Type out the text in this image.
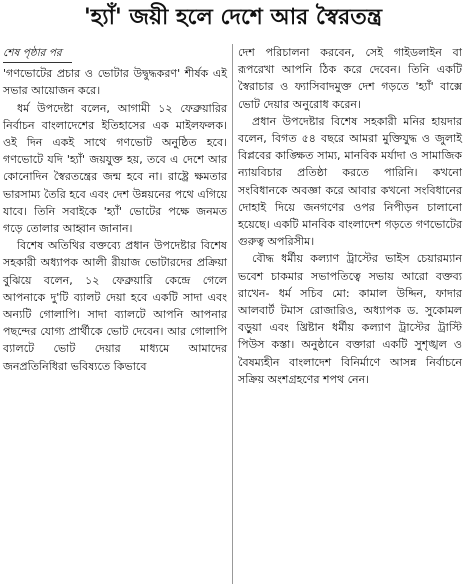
'হ্যাঁ' জয়ী হলে দেশে আর স্বৈরতন্ত্র
শেষ পৃষ্ঠার পর

'গণভোটের প্রচার ও ভোটার উদ্বুদ্ধকরণ' শীর্ষক এই সভার আয়োজন করে।

ধর্ম উপদেষ্টা বলেন, আগামী ১২ ফেব্রুয়ারির নির্বাচন বাংলাদেশের ইতিহাসের এক মাইলফলক। ওই দিন একই সাথে গণভোট অনুষ্ঠিত হবে। গণভোটে যদি 'হ্যাঁ' জয়যুক্ত হয়, তবে এ দেশে আর কোনোদিন স্বৈরতন্ত্রের জন্ম হবে না। রাষ্ট্রে ক্ষমতার ভারসাম্য তৈরি হবে এবং দেশ উন্নয়নের পথে এগিয়ে যাবে। তিনি সবাইকে 'হ্যাঁ' ভোটের পক্ষে জনমত গড়ে তোলার আহ্বান জানান।

বিশেষ অতিথির বক্তব্যে প্রধান উপদেষ্টার বিশেষ সহকারী অধ্যাপক আলী রীয়াজ ভোটারদের প্রক্রিয়া বুঝিয়ে বলেন, ১২ ফেব্রুয়ারি কেন্দ্রে গেলে আপনাকে দু'টি ব্যালট দেয়া হবে একটি সাদা এবং অন্যটি গোলাপি। সাদা ব্যালটে আপনি আপনার পছন্দের যোগ্য প্রার্থীকে ভোট দেবেন। আর গোলাপি ব্যালটে ভোট দেয়ার মাধ্যমে আমাদের জনপ্রতিনিধিরা ভবিষ্যতে কিভাবে

দেশ পরিচালনা করবেন, সেই গাইডলাইন বা রূপরেখা আপনি ঠিক করে দেবেন। তিনি একটি স্বৈরাচার ও ফ্যাসিবাদমুক্ত দেশ গড়তে 'হ্যাঁ' বাক্সে ভোট দেয়ার অনুরোধ করেন।

প্রধান উপদেষ্টার বিশেষ সহকারী মনির হায়দার বলেন, বিগত ৫৪ বছরে আমরা মুক্তিযুদ্ধ ও জুলাই বিপ্লবের কাঙ্ক্ষিত সাম্য, মানবিক মর্যাদা ও সামাজিক ন্যায়বিচার প্রতিষ্ঠা করতে পারিনি। কখনো সংবিধানকে অবজ্ঞা করে আবার কখনো সংবিধানের দোহাই দিয়ে জনগণের ওপর নিপীড়ন চালানো হয়েছে। একটি মানবিক বাংলাদেশ গড়তে গণভোটের গুরুত্ব অপরিসীম।

বৌদ্ধ ধর্মীয় কল্যাণ ট্রাস্টের ভাইস চেয়ারম্যান ভবেশ চাকমার সভাপতিত্বে সভায় আরো বক্তব্য রাখেন- ধর্ম সচিব মো: কামাল উদ্দিন, ফাদার আলবার্ট টমাস রোজারিও, অধ্যাপক ড. সুকোমল বড়ুয়া এবং খ্রিষ্টান ধর্মীয় কল্যাণ ট্রাস্টের ট্রাস্টি পিউস কস্তা। অনুষ্ঠানে বক্তারা একটি সুশৃঙ্খল ও বৈষম্যহীন বাংলাদেশ বিনির্মাণে আসন্ন নির্বাচনে সক্রিয় অংশগ্রহণের শপথ নেন।
